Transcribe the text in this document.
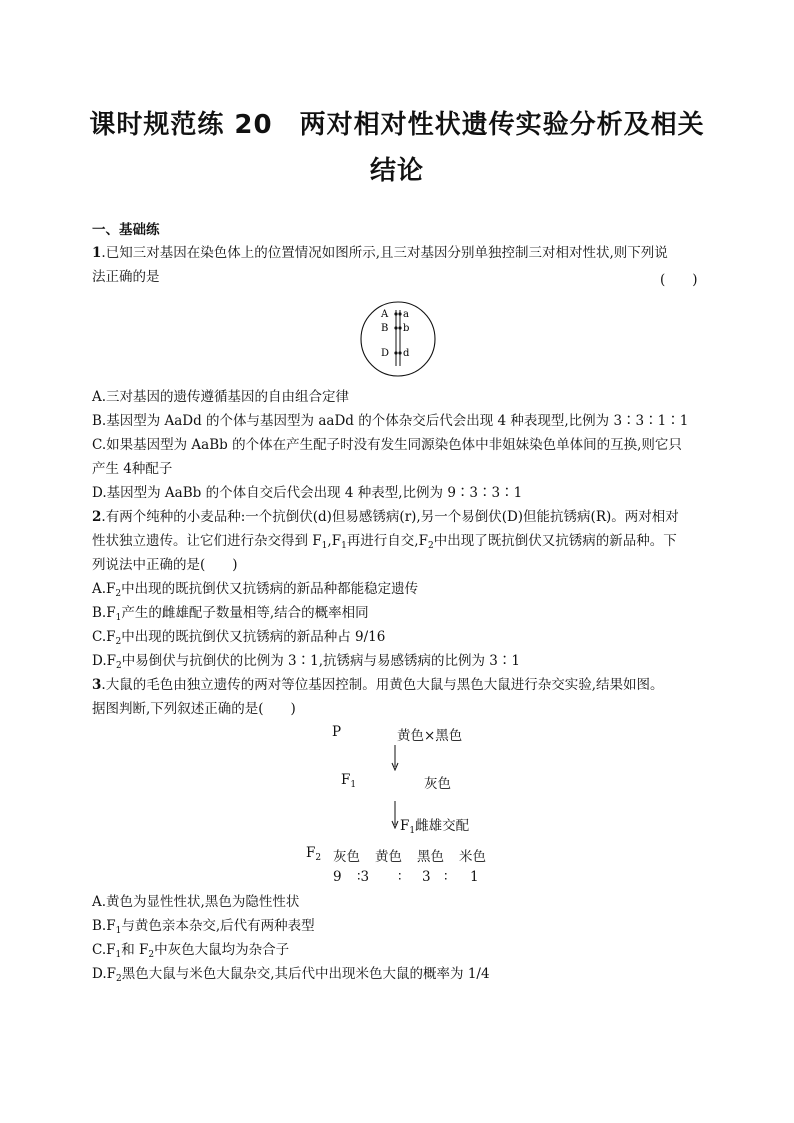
课时规范练 20　两对相对性状遗传实验分析及相关
结论
一、基础练
1.已知三对基因在染色体上的位置情况如图所示,且三对基因分别单独控制三对相对性状,则下列说
法正确的是	(　　)
A a
B b
D d
A.三对基因的遗传遵循基因的自由组合定律
B.基因型为 AaDd 的个体与基因型为 aaDd 的个体杂交后代会出现 4 种表现型,比例为 3∶3∶1∶1
C.如果基因型为 AaBb 的个体在产生配子时没有发生同源染色体中非姐妹染色单体间的互换,则它只
产生 4种配子
D.基因型为 AaBb 的个体自交后代会出现 4 种表型,比例为 9∶3∶3∶1
2.有两个纯种的小麦品种:一个抗倒伏(d)但易感锈病(r),另一个易倒伏(D)但能抗锈病(R)。两对相对
性状独立遗传。让它们进行杂交得到 $F_1,F_1$再进行自交$,F_2$中出现了既抗倒伏又抗锈病的新品种。下
列说法中正确的是(　　)
$A.F_2$中出现的既抗倒伏又抗锈病的新品种都能稳定遗传
$B.F_1$产生的雌雄配子数量相等,结合的概率相同
$C.F_2$中出现的既抗倒伏又抗锈病的新品种占 9/16
$D.F_2$中易倒伏与抗倒伏的比例为 3∶1,抗锈病与易感锈病的比例为 3∶1
3.大鼠的毛色由独立遗传的两对等位基因控制。用黄色大鼠与黑色大鼠进行杂交实验,结果如图。
据图判断,下列叙述正确的是(　　)
P	黄色×黑色
$F_1$	灰色
$F_1$雌雄交配
$F_2$ 灰色 黄色 黑色 米色
9 ∶3 ∶ 3 ∶ 1
A.黄色为显性性状,黑色为隐性性状
$B.F_1$与黄色亲本杂交,后代有两种表型
$C.F_1$和 $F_2$中灰色大鼠均为杂合子
$D.F_2$黑色大鼠与米色大鼠杂交,其后代中出现米色大鼠的概率为 1/4
